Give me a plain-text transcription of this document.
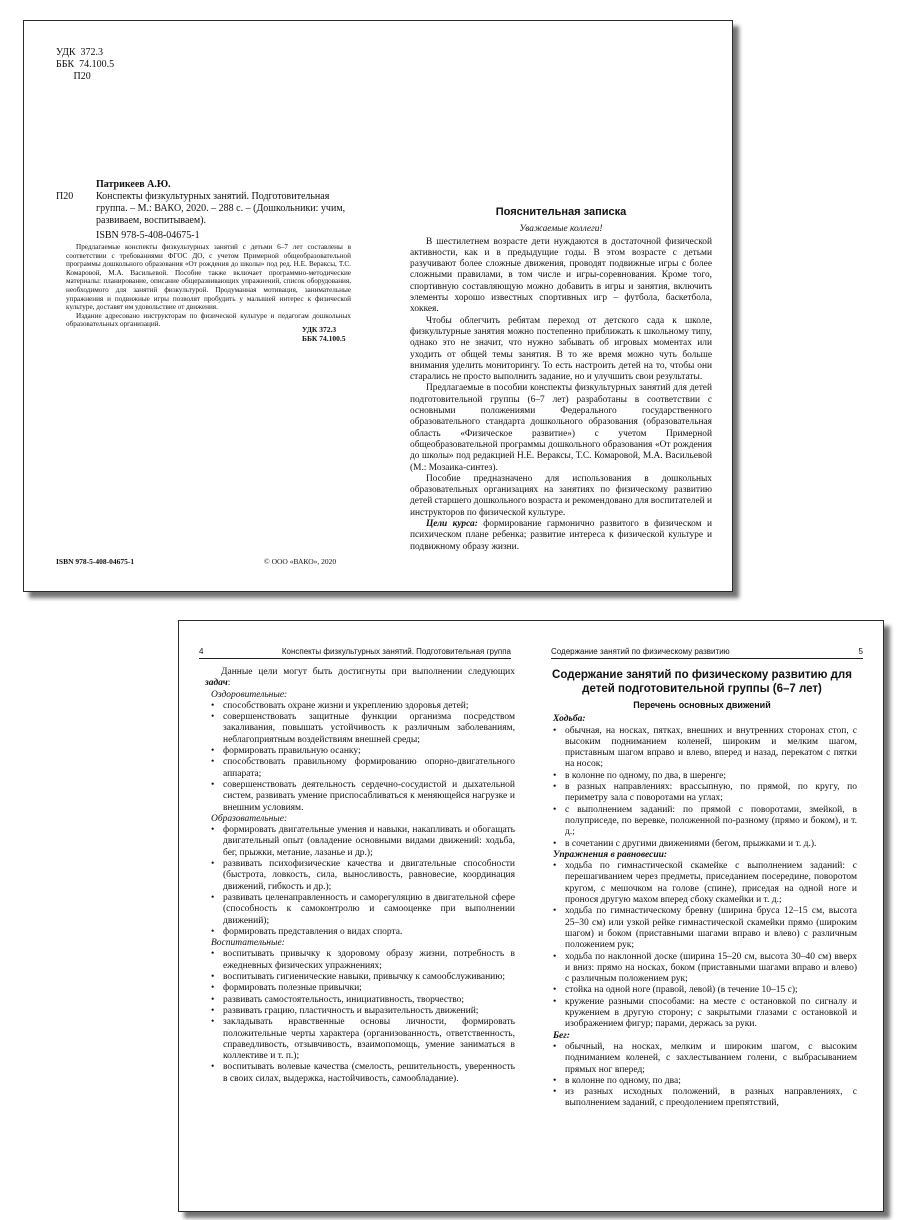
УДК  372.3
ББК  74.100.5
П20
Патрикеев А.Ю.
П20	Конспекты физкультурных занятий. Подготовительная группа. – М.: ВАКО, 2020. – 288 с. – (Дошкольники: учим, развиваем, воспитываем).
ISBN 978-5-408-04675-1

Предлагаемые конспекты физкультурных занятий с детьми 6–7 лет составлены в соответствии с требованиями ФГОС ДО, с учетом Примерной общеобразовательной программы дошкольного образования «От рождения до школы» под ред. Н.Е. Вераксы, Т.С. Комаровой, М.А. Васильевой. Пособие также включает программно-методические материалы: планирование, описание общеразвивающих упражнений, список оборудования, необходимого для занятий физкультурой. Продуманная мотивация, занимательные упражнения и подвижные игры позволят пробудить у малышей интерес к физической культуре, доставят им удовольствие от движения.

Издание адресовано инструкторам по физической культуре и педагогам дошкольных образовательных организаций.

УДК 372.3
ББК 74.100.5
ISBN 978-5-408-04675-1	© ООО «ВАКО», 2020
Пояснительная записка
Уважаемые коллеги!

В шестилетнем возрасте дети нуждаются в достаточной физической активности, как и в предыдущие годы. В этом возрасте с детьми разучивают более сложные движения, проводят подвижные игры с более сложными правилами, в том числе и игры-соревнования. Кроме того, спортивную составляющую можно добавить в игры и занятия, включить элементы хорошо известных спортивных игр – футбола, баскетбола, хоккея.

Чтобы облегчить ребятам переход от детского сада к школе, физкультурные занятия можно постепенно приближать к школьному типу, однако это не значит, что нужно забывать об игровых моментах или уходить от общей темы занятия. В то же время можно чуть больше внимания уделить мониторингу. То есть настроить детей на то, чтобы они старались не просто выполнить задание, но и улучшить свои результаты.

Предлагаемые в пособии конспекты физкультурных занятий для детей подготовительной группы (6–7 лет) разработаны в соответствии с основными положениями Федерального государственного образовательного стандарта дошкольного образования (образовательная область «Физическое развитие») с учетом Примерной общеобразовательной программы дошкольного образования «От рождения до школы» под редакцией Н.Е. Вераксы, Т.С. Комаровой, М.А. Васильевой (М.: Мозаика-синтез).

Пособие предназначено для использования в дошкольных образовательных организациях на занятиях по физическому развитию детей старшего дошкольного возраста и рекомендовано для воспитателей и инструкторов по физической культуре.

Цели курса: формирование гармонично развитого в физическом и психическом плане ребенка; развитие интереса к физической культуре и подвижному образу жизни.

4	Конспекты физкультурных занятий. Подготовительная группа

Данные цели могут быть достигнуты при выполнении следующих задач:

Оздоровительные:
• способствовать охране жизни и укреплению здоровья детей;
• совершенствовать защитные функции организма посредством закаливания, повышать устойчивость к различным заболеваниям, неблагоприятным воздействиям внешней среды;
• формировать правильную осанку;
• способствовать правильному формированию опорно-двигательного аппарата;
• совершенствовать деятельность сердечно-сосудистой и дыхательной систем, развивать умение приспосабливаться к меняющейся нагрузке и внешним условиям.
Образовательные:
• формировать двигательные умения и навыки, накапливать и обогащать двигательный опыт (овладение основными видами движений: ходьба, бег, прыжки, метание, лазанье и др.);
• развивать психофизические качества и двигательные способности (быстрота, ловкость, сила, выносливость, равновесие, координация движений, гибкость и др.);
• развивать целенаправленность и саморегуляцию в двигательной сфере (способность к самоконтролю и самооценке при выполнении движений);
• формировать представления о видах спорта.
Воспитательные:
• воспитывать привычку к здоровому образу жизни, потребность в ежедневных физических упражнениях;
• воспитывать гигиенические навыки, привычку к самообслуживанию;
• формировать полезные привычки;
• развивать самостоятельность, инициативность, творчество;
• развивать грацию, пластичность и выразительность движений;
• закладывать нравственные основы личности, формировать положительные черты характера (организованность, ответственность, справедливость, отзывчивость, взаимопомощь, умение заниматься в коллективе и т. п.);
• воспитывать волевые качества (смелость, решительность, уверенность в своих силах, выдержка, настойчивость, самообладание).
Содержание занятий по физическому развитию	5
Содержание занятий по физическому развитию для детей подготовительной группы (6–7 лет)
Перечень основных движений
Ходьба:
• обычная, на носках, пятках, внешних и внутренних сторонах стоп, с высоким подниманием коленей, широким и мелким шагом, приставным шагом вправо и влево, вперед и назад, перекатом с пятки на носок;
• в колонне по одному, по два, в шеренге;
• в разных направлениях: врассыпную, по прямой, по кругу, по периметру зала с поворотами на углах;
• с выполнением заданий: по прямой с поворотами, змейкой, в полуприседе, по веревке, положенной по-разному (прямо и боком), и т. д.;
• в сочетании с другими движениями (бегом, прыжками и т. д.).
Упражнения в равновесии:
• ходьба по гимнастической скамейке с выполнением заданий: с перешагиванием через предметы, приседанием посередине, поворотом кругом, с мешочком на голове (спине), приседая на одной ноге и пронося другую махом вперед сбоку скамейки и т. д.;
• ходьба по гимнастическому бревну (ширина бруса 12–15 см, высота 25–30 см) или узкой рейке гимнастической скамейки прямо (широким шагом) и боком (приставными шагами вправо и влево) с различным положением рук;
• ходьба по наклонной доске (ширина 15–20 см, высота 30–40 см) вверх и вниз: прямо на носках, боком (приставными шагами вправо и влево) с различным положением рук;
• стойка на одной ноге (правой, левой) (в течение 10–15 с);
• кружение разными способами: на месте с остановкой по сигналу и кружением в другую сторону; с закрытыми глазами с остановкой и изображением фигур; парами, держась за руки.
Бег:
• обычный, на носках, мелким и широким шагом, с высоким подниманием коленей, с захлестыванием голени, с выбрасыванием прямых ног вперед;
• в колонне по одному, по два;
• из разных исходных положений, в разных направлениях, с выполнением заданий, с преодолением препятствий,
